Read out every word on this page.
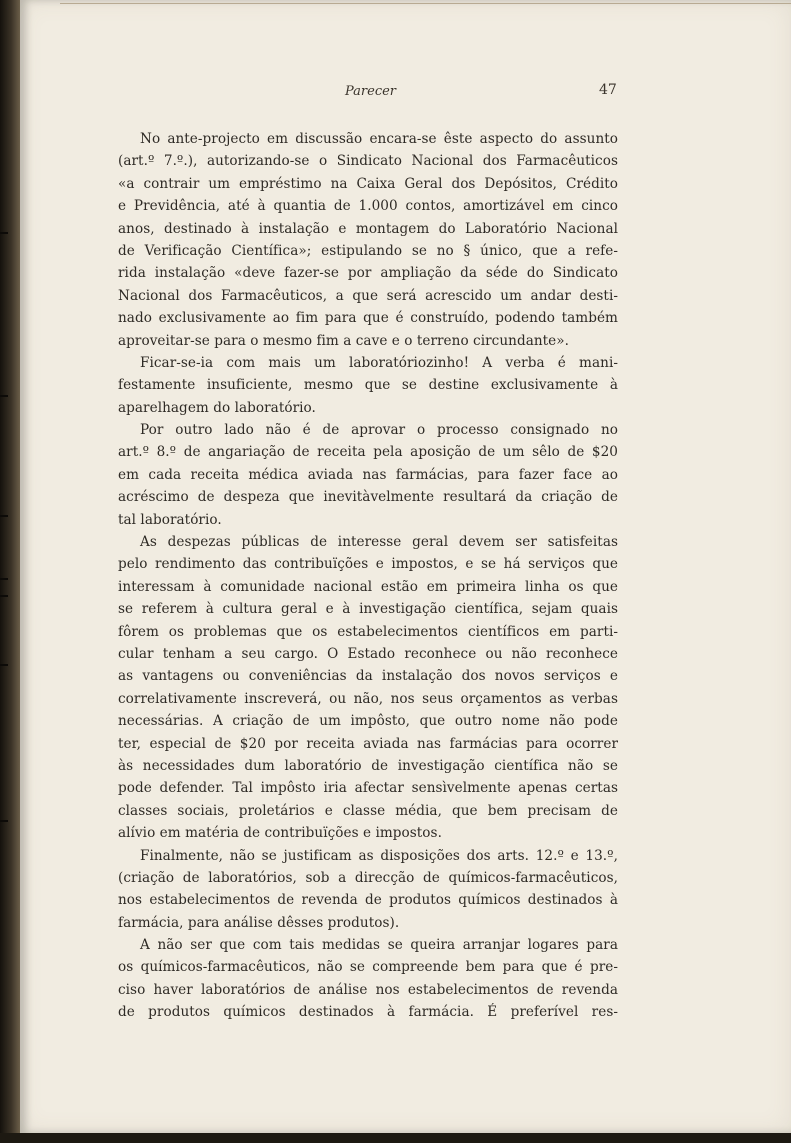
Parecer	47
No ante-projecto em discussão encara-se êste aspecto do assunto
(art.º 7.º.), autorizando-se o Sindicato Nacional dos Farmacêuticos
«a contrair um empréstimo na Caixa Geral dos Depósitos, Crédito
e Previdência, até à quantia de 1.000 contos, amortizável em cinco
anos, destinado à instalação e montagem do Laboratório Nacional
de Verificação Científica»; estipulando se no § único, que a refe-
rida instalação «deve fazer-se por ampliação da séde do Sindicato
Nacional dos Farmacêuticos, a que será acrescido um andar desti-
nado exclusivamente ao fim para que é construído, podendo também
aproveitar-se para o mesmo fim a cave e o terreno circundante».
Ficar-se-ia com mais um laboratóriozinho! A verba é mani-
festamente insuficiente, mesmo que se destine exclusivamente à
aparelhagem do laboratório.
Por outro lado não é de aprovar o processo consignado no
art.º 8.º de angariação de receita pela aposição de um sêlo de $20
em cada receita médica aviada nas farmácias, para fazer face ao
acréscimo de despeza que inevitàvelmente resultará da criação de
tal laboratório.
As despezas públicas de interesse geral devem ser satisfeitas
pelo rendimento das contribuïções e impostos, e se há serviços que
interessam à comunidade nacional estão em primeira linha os que
se referem à cultura geral e à investigação científica, sejam quais
fôrem os problemas que os estabelecimentos científicos em parti-
cular tenham a seu cargo. O Estado reconhece ou não reconhece
as vantagens ou conveniências da instalação dos novos serviços e
correlativamente inscreverá, ou não, nos seus orçamentos as verbas
necessárias. A criação de um impôsto, que outro nome não pode
ter, especial de $20 por receita aviada nas farmácias para ocorrer
às necessidades dum laboratório de investigação científica não se
pode defender. Tal impôsto iria afectar sensìvelmente apenas certas
classes sociais, proletários e classe média, que bem precisam de
alívio em matéria de contribuïções e impostos.
Finalmente, não se justificam as disposições dos arts. 12.º e 13.º,
(criação de laboratórios, sob a direcção de químicos-farmacêuticos,
nos estabelecimentos de revenda de produtos químicos destinados à
farmácia, para análise dêsses produtos).
A não ser que com tais medidas se queira arranjar logares para
os químicos-farmacêuticos, não se compreende bem para que é pre-
ciso haver laboratórios de análise nos estabelecimentos de revenda
de produtos químicos destinados à farmácia. É preferível res-
